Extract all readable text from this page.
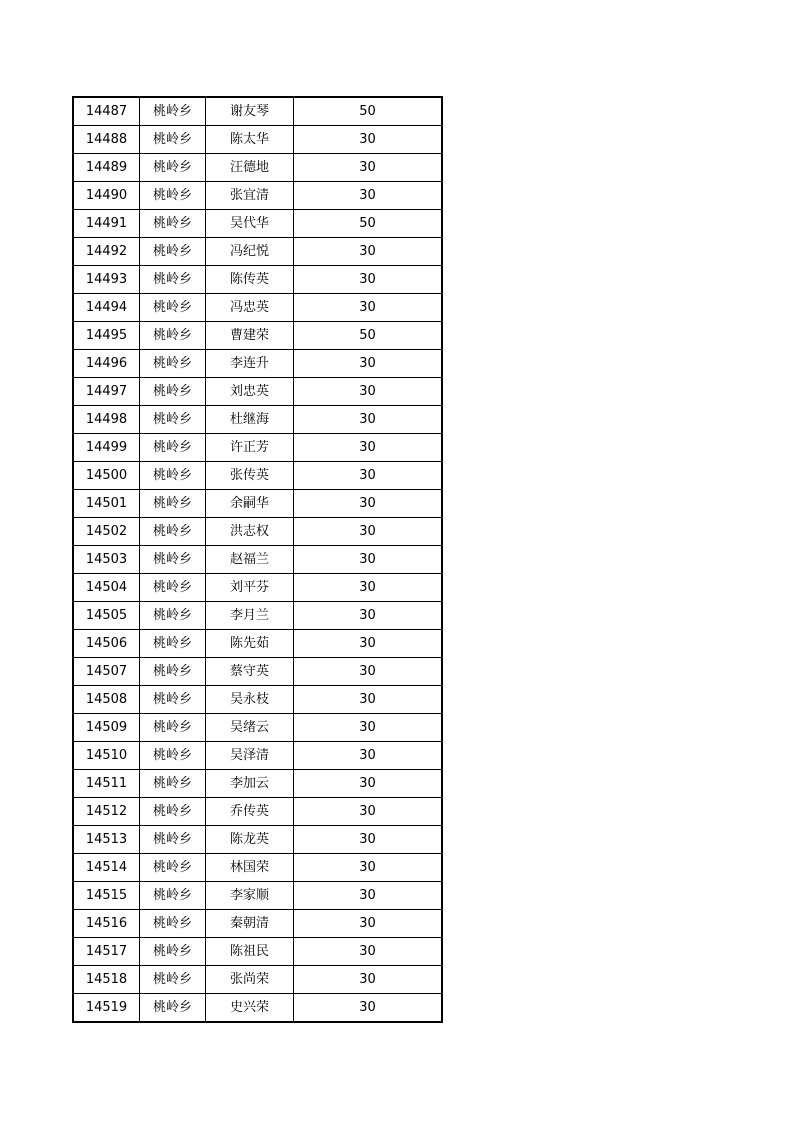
14487	桃岭乡	谢友琴	50
14488	桃岭乡	陈太华	30
14489	桃岭乡	汪德地	30
14490	桃岭乡	张宜清	30
14491	桃岭乡	吴代华	50
14492	桃岭乡	冯纪悦	30
14493	桃岭乡	陈传英	30
14494	桃岭乡	冯忠英	30
14495	桃岭乡	曹建荣	50
14496	桃岭乡	李连升	30
14497	桃岭乡	刘忠英	30
14498	桃岭乡	杜继海	30
14499	桃岭乡	许正芳	30
14500	桃岭乡	张传英	30
14501	桃岭乡	余嗣华	30
14502	桃岭乡	洪志权	30
14503	桃岭乡	赵福兰	30
14504	桃岭乡	刘平芬	30
14505	桃岭乡	李月兰	30
14506	桃岭乡	陈先茹	30
14507	桃岭乡	蔡守英	30
14508	桃岭乡	吴永枝	30
14509	桃岭乡	吴绪云	30
14510	桃岭乡	吴泽清	30
14511	桃岭乡	李加云	30
14512	桃岭乡	乔传英	30
14513	桃岭乡	陈龙英	30
14514	桃岭乡	林国荣	30
14515	桃岭乡	李家顺	30
14516	桃岭乡	秦朝清	30
14517	桃岭乡	陈祖民	30
14518	桃岭乡	张尚荣	30
14519	桃岭乡	史兴荣	30
